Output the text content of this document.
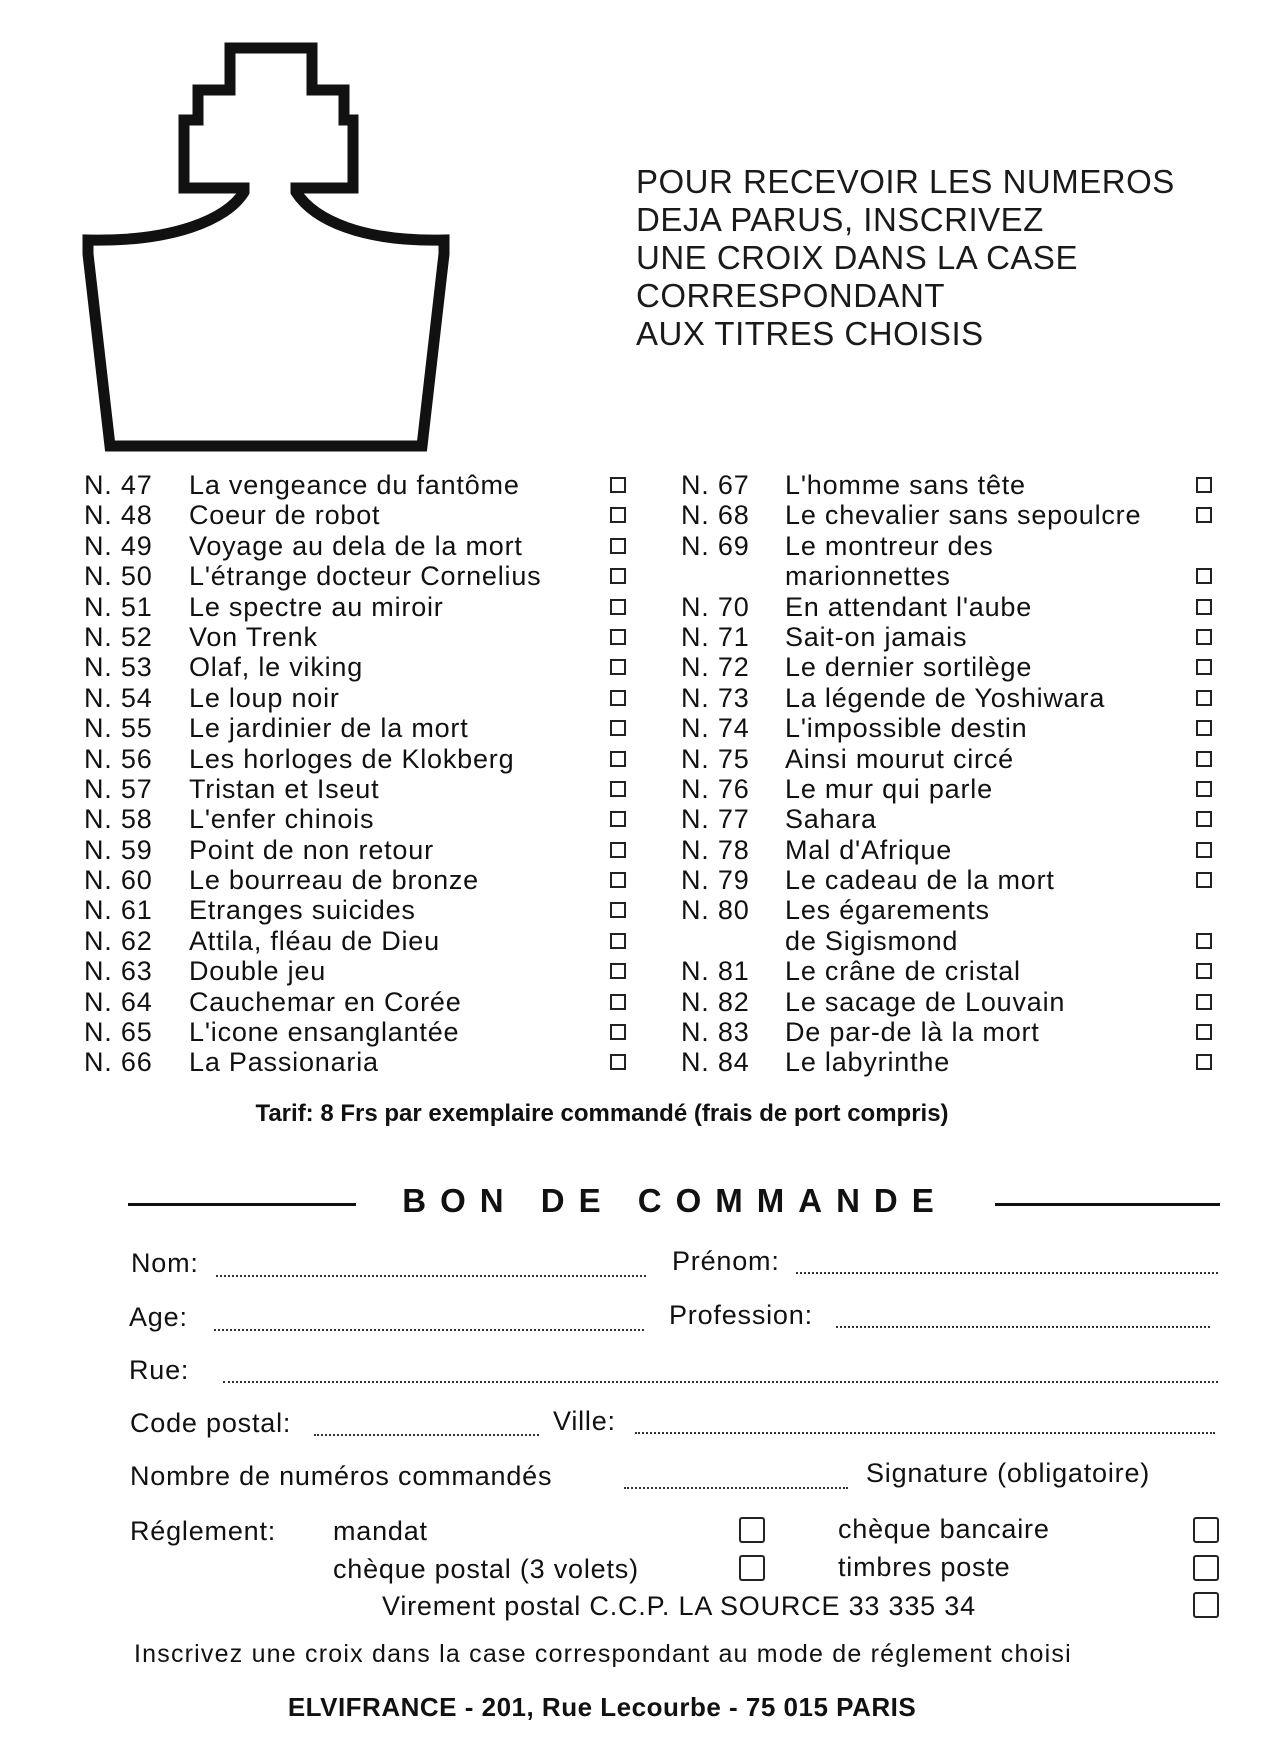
POUR RECEVOIR LES NUMEROS
DEJA PARUS, INSCRIVEZ
UNE CROIX DANS LA CASE
CORRESPONDANT
AUX TITRES CHOISIS
N. 47 La vengeance du fantôme
N. 48 Coeur de robot
N. 49 Voyage au dela de la mort
N. 50 L'étrange docteur Cornelius
N. 51 Le spectre au miroir
N. 52 Von Trenk
N. 53 Olaf, le viking
N. 54 Le loup noir
N. 55 Le jardinier de la mort
N. 56 Les horloges de Klokberg
N. 57 Tristan et Iseut
N. 58 L'enfer chinois
N. 59 Point de non retour
N. 60 Le bourreau de bronze
N. 61 Etranges suicides
N. 62 Attila, fléau de Dieu
N. 63 Double jeu
N. 64 Cauchemar en Corée
N. 65 L'icone ensanglantée
N. 66 La Passionaria
N. 67 L'homme sans tête
N. 68 Le chevalier sans sepoulcre
N. 69 Le montreur des
marionnettes
N. 70 En attendant l'aube
N. 71 Sait-on jamais
N. 72 Le dernier sortilège
N. 73 La légende de Yoshiwara
N. 74 L'impossible destin
N. 75 Ainsi mourut circé
N. 76 Le mur qui parle
N. 77 Sahara
N. 78 Mal d'Afrique
N. 79 Le cadeau de la mort
N. 80 Les égarements
de Sigismond
N. 81 Le crâne de cristal
N. 82 Le sacage de Louvain
N. 83 De par-de là la mort
N. 84 Le labyrinthe
Tarif: 8 Frs par exemplaire commandé (frais de port compris)
BON DE COMMANDE
Nom:	Prénom:
Age:	Profession:
Rue:
Code postal:	Ville:
Nombre de numéros commandés	Signature (obligatoire)
Réglement: mandat	chèque bancaire
chèque postal (3 volets)	timbres poste
Virement postal C.C.P. LA SOURCE 33 335 34
Inscrivez une croix dans la case correspondant au mode de réglement choisi
ELVIFRANCE - 201, Rue Lecourbe - 75 015 PARIS
